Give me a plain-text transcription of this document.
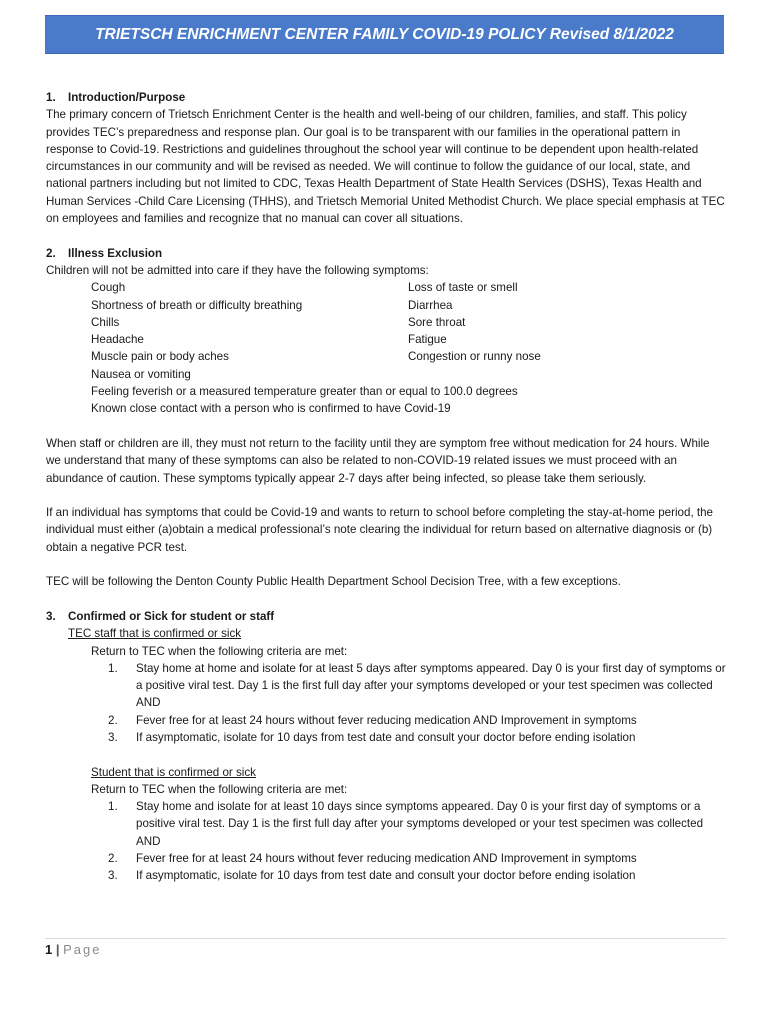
TRIETSCH ENRICHMENT CENTER FAMILY COVID-19 POLICY Revised 8/1/2022
1.	Introduction/Purpose

The primary concern of Trietsch Enrichment Center is the health and well-being of our children, families, and staff. This policy provides TEC’s preparedness and response plan. Our goal is to be transparent with our families in the operational pattern in response to Covid-19. Restrictions and guidelines throughout the school year will continue to be dependent upon health-related circumstances in our community and will be revised as needed. We will continue to follow the guidance of our local, state, and national partners including but not limited to CDC, Texas Health Department of State Health Services (DSHS), Texas Health and Human Services -Child Care Licensing (THHS), and Trietsch Memorial United Methodist Church. We place special emphasis at TEC on employees and families and recognize that no manual can cover all situations.

2.	Illness Exclusion

Children will not be admitted into care if they have the following symptoms:

Cough	Loss of taste or smell
Shortness of breath or difficulty breathing	Diarrhea
Chills	Sore throat
Headache	Fatigue
Muscle pain or body aches	Congestion or runny nose
Nausea or vomiting
Feeling feverish or a measured temperature greater than or equal to 100.0 degrees
Known close contact with a person who is confirmed to have Covid-19

When staff or children are ill, they must not return to the facility until they are symptom free without medication for 24 hours. While we understand that many of these symptoms can also be related to non-COVID-19 related issues we must proceed with an abundance of caution. These symptoms typically appear 2-7 days after being infected, so please take them seriously.

If an individual has symptoms that could be Covid-19 and wants to return to school before completing the stay-at-home period, the individual must either (a)obtain a medical professional’s note clearing the individual for return based on alternative diagnosis or (b) obtain a negative PCR test.

TEC will be following the Denton County Public Health Department School Decision Tree, with a few exceptions.

3.	Confirmed or Sick for student or staff
TEC staff that is confirmed or sick
Return to TEC when the following criteria are met:
1.	Stay home at home and isolate for at least 5 days after symptoms appeared. Day 0 is your first day of symptoms or a positive viral test. Day 1 is the first full day after your symptoms developed or your test specimen was collected AND
2.	Fever free for at least 24 hours without fever reducing medication AND Improvement in symptoms
3.	If asymptomatic, isolate for 10 days from test date and consult your doctor before ending isolation
Student that is confirmed or sick
Return to TEC when the following criteria are met:
1.	Stay home and isolate for at least 10 days since symptoms appeared. Day 0 is your first day of symptoms or a positive viral test. Day 1 is the first full day after your symptoms developed or your test specimen was collected AND
2.	Fever free for at least 24 hours without fever reducing medication AND Improvement in symptoms
3.	If asymptomatic, isolate for 10 days from test date and consult your doctor before ending isolation
1 | Page
